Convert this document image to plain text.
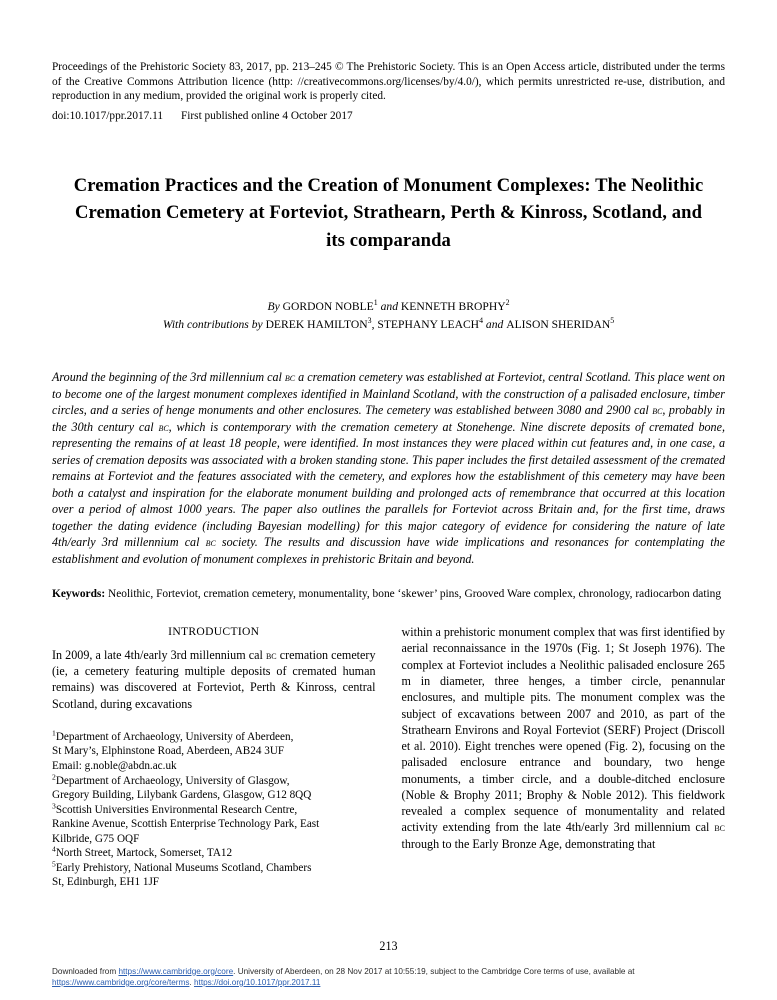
Proceedings of the Prehistoric Society 83, 2017, pp. 213–245 © The Prehistoric Society. This is an Open Access article, distributed under the terms of the Creative Commons Attribution licence (http: //creativecommons.org/licenses/by/4.0/), which permits unrestricted re-use, distribution, and reproduction in any medium, provided the original work is properly cited.
doi:10.1017/ppr.2017.11 First published online 4 October 2017
Cremation Practices and the Creation of Monument Complexes: The Neolithic Cremation Cemetery at Forteviot, Strathearn, Perth & Kinross, Scotland, and its comparanda
By GORDON NOBLE$^1$ and KENNETH BROPHY$^2$
With contributions by DEREK HAMILTON$^3$, STEPHANY LEACH$^4$ and ALISON SHERIDAN$^5$
Around the beginning of the 3rd millennium cal bc a cremation cemetery was established at Forteviot, central Scotland. This place went on to become one of the largest monument complexes identified in Mainland Scotland, with the construction of a palisaded enclosure, timber circles, and a series of henge monuments and other enclosures. The cemetery was established between 3080 and 2900 cal bc, probably in the 30th century cal bc, which is contemporary with the cremation cemetery at Stonehenge. Nine discrete deposits of cremated bone, representing the remains of at least 18 people, were identified. In most instances they were placed within cut features and, in one case, a series of cremation deposits was associated with a broken standing stone. This paper includes the first detailed assessment of the cremated remains at Forteviot and the features associated with the cemetery, and explores how the establishment of this cemetery may have been both a catalyst and inspiration for the elaborate monument building and prolonged acts of remembrance that occurred at this location over a period of almost 1000 years. The paper also outlines the parallels for Forteviot across Britain and, for the first time, draws together the dating evidence (including Bayesian modelling) for this major category of evidence for considering the nature of late 4th/early 3rd millennium cal bc society. The results and discussion have wide implications and resonances for contemplating the establishment and evolution of monument complexes in prehistoric Britain and beyond.
Keywords: Neolithic, Forteviot, cremation cemetery, monumentality, bone ‘skewer’ pins, Grooved Ware complex, chronology, radiocarbon dating
INTRODUCTION

In 2009, a late 4th/early 3rd millennium cal bc cremation cemetery (ie, a cemetery featuring multiple deposits of cremated human remains) was discovered at Forteviot, Perth & Kinross, central Scotland, during excavations

$^1$Department of Archaeology, University of Aberdeen,
St Mary’s, Elphinstone Road, Aberdeen, AB24 3UF
Email: g.noble@abdn.ac.uk
$^2$Department of Archaeology, University of Glasgow,
Gregory Building, Lilybank Gardens, Glasgow, G12 8QQ
$^3$Scottish Universities Environmental Research Centre,
Rankine Avenue, Scottish Enterprise Technology Park, East
Kilbride, G75 OQF
$^4$North Street, Martock, Somerset, TA12
$^5$Early Prehistory, National Museums Scotland, Chambers
St, Edinburgh, EH1 1JF

within a prehistoric monument complex that was first identified by aerial reconnaissance in the 1970s (Fig. 1; St Joseph 1976). The complex at Forteviot includes a Neolithic palisaded enclosure 265 m in diameter, three henges, a timber circle, penannular enclosures, and multiple pits. The monument complex was the subject of excavations between 2007 and 2010, as part of the Strathearn Environs and Royal Forteviot (SERF) Project (Driscoll et al. 2010). Eight trenches were opened (Fig. 2), focusing on the palisaded enclosure entrance and boundary, two henge monuments, a timber circle, and a double-ditched enclosure (Noble & Brophy 2011; Brophy & Noble 2012). This fieldwork revealed a complex sequence of monumentality and related activity extending from the late 4th/early 3rd millennium cal bc through to the Early Bronze Age, demonstrating that

213
Downloaded from https://www.cambridge.org/core. University of Aberdeen, on 28 Nov 2017 at 10:55:19, subject to the Cambridge Core terms of use, available at
https://www.cambridge.org/core/terms. https://doi.org/10.1017/ppr.2017.11
